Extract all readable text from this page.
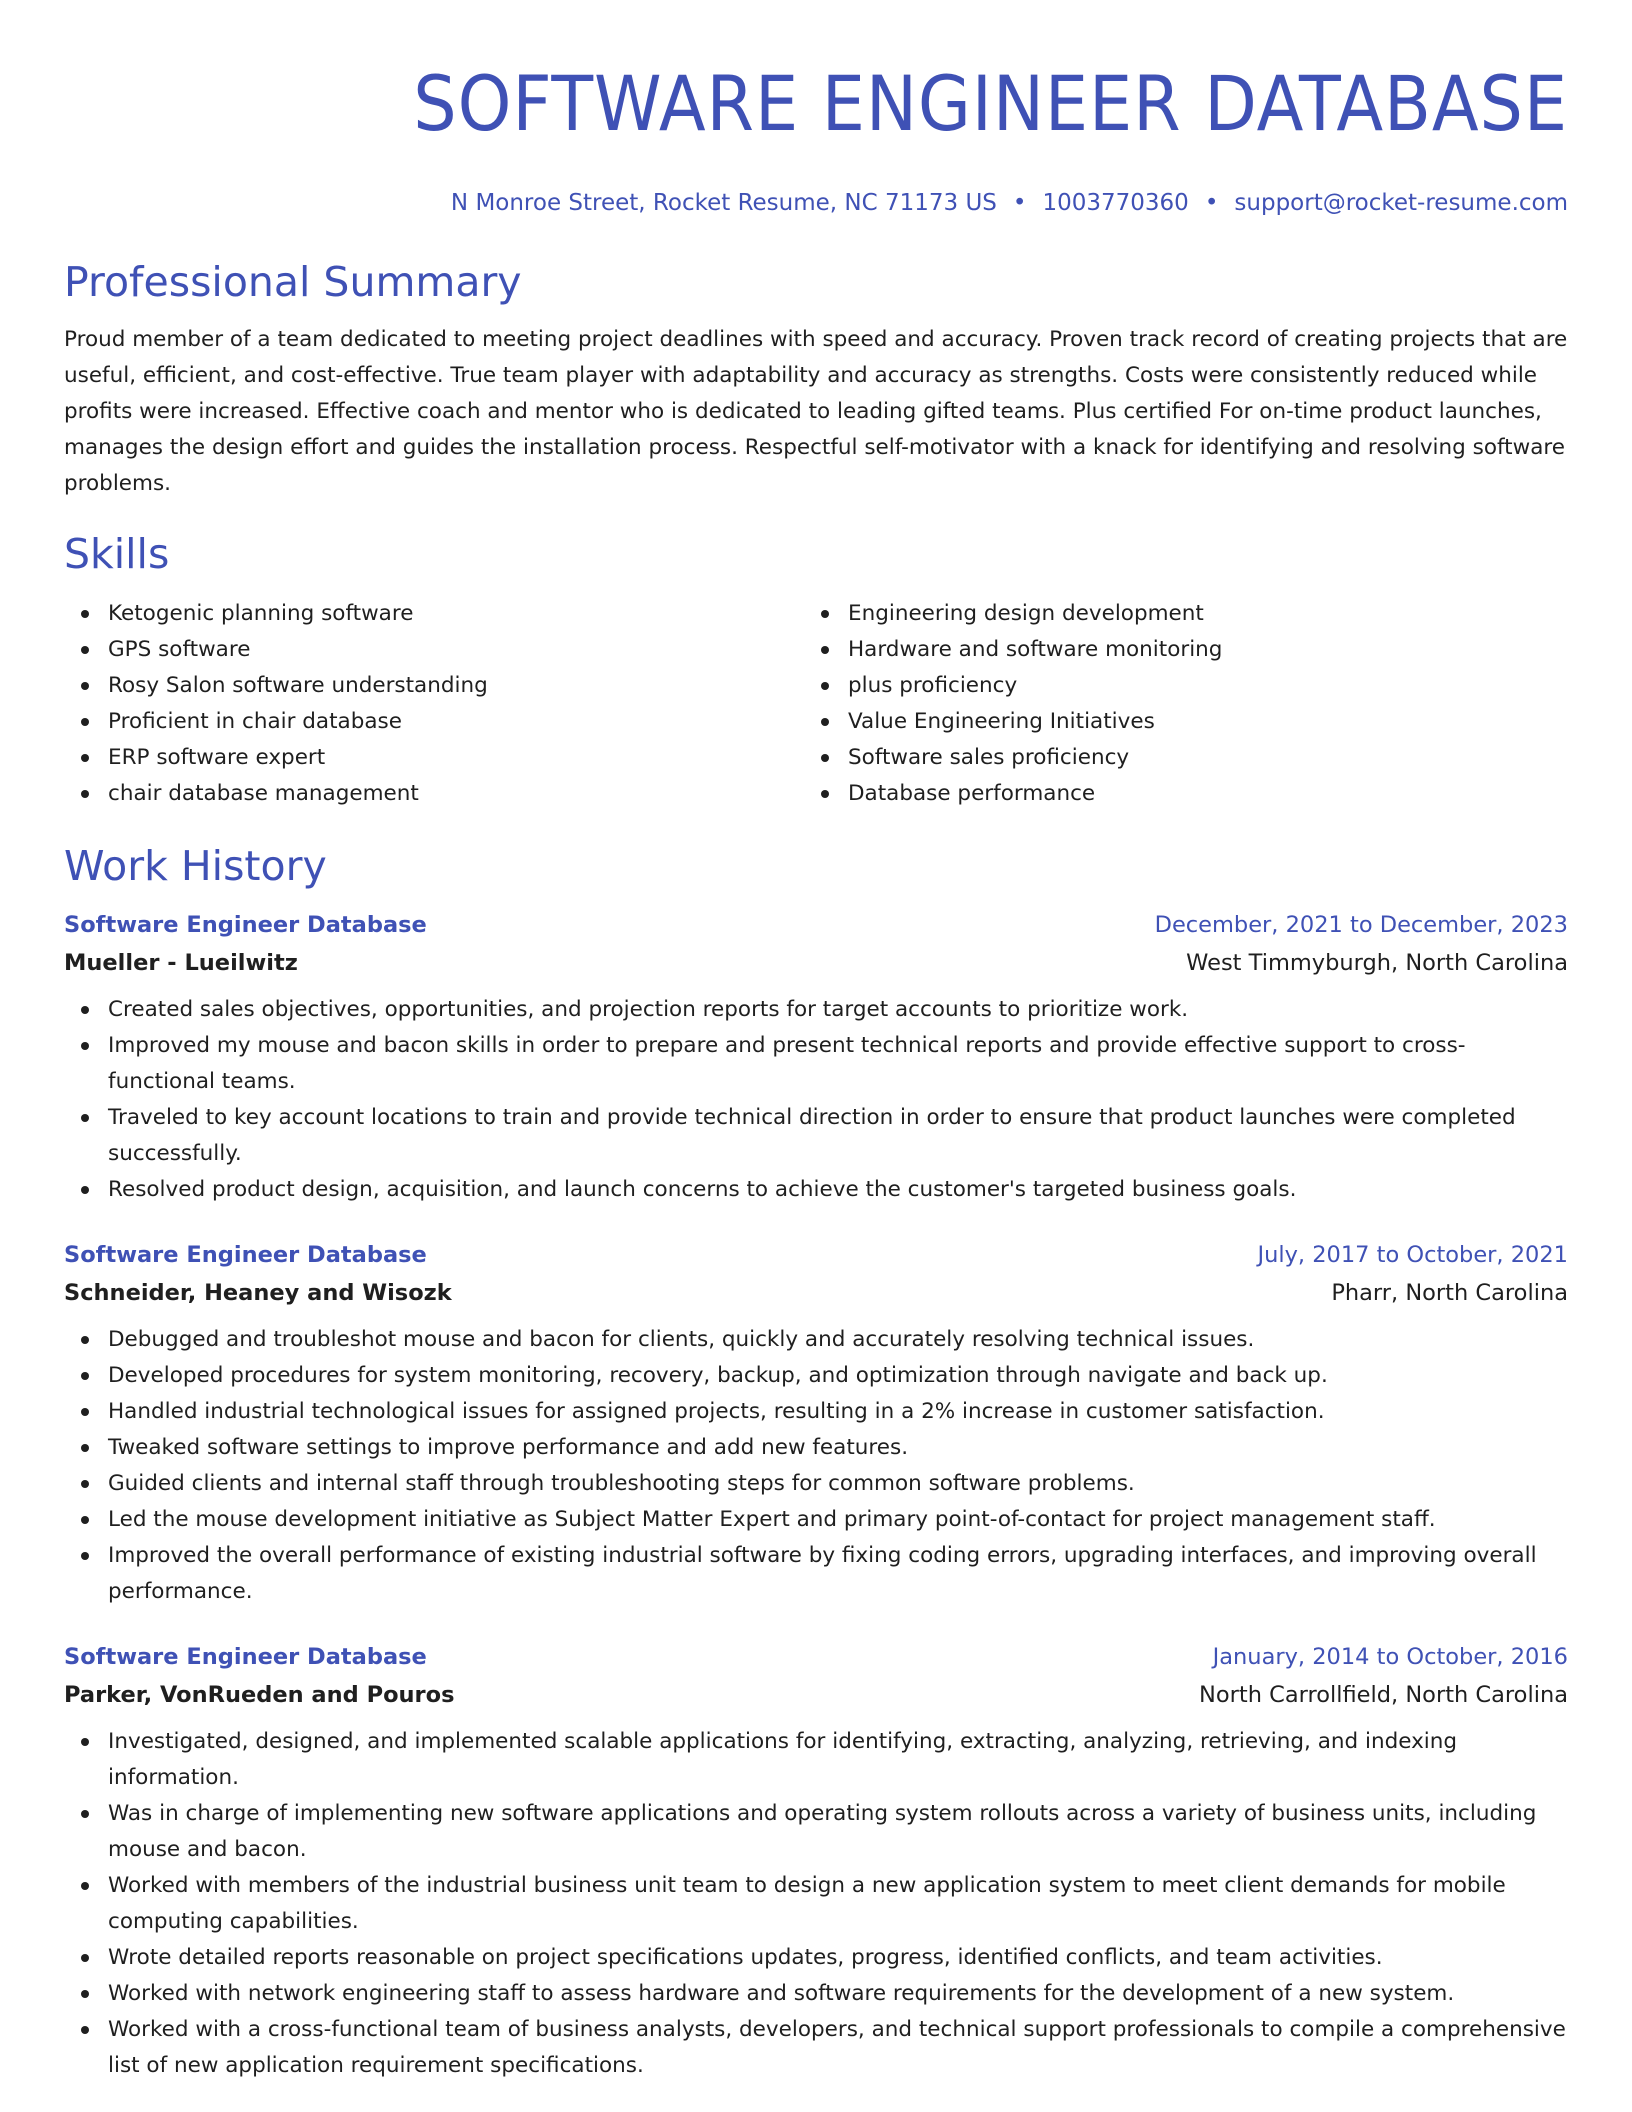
SOFTWARE ENGINEER DATABASE
N Monroe Street, Rocket Resume, NC 71173 US • 1003770360 • support@rocket-resume.com
Professional Summary

Proud member of a team dedicated to meeting project deadlines with speed and accuracy. Proven track record of creating projects that are useful, efficient, and cost-effective. True team player with adaptability and accuracy as strengths. Costs were consistently reduced while profits were increased. Effective coach and mentor who is dedicated to leading gifted teams. Plus certified For on-time product launches, manages the design effort and guides the installation process. Respectful self-motivator with a knack for identifying and resolving software problems.

Skills
Ketogenic planning software
GPS software
Rosy Salon software understanding
Proficient in chair database
ERP software expert
chair database management
Engineering design development
Hardware and software monitoring
plus proficiency
Value Engineering Initiatives
Software sales proficiency
Database performance
Work History
Software Engineer Database	December, 2021 to December, 2023
Mueller - Lueilwitz	West Timmyburgh, North Carolina
Created sales objectives, opportunities, and projection reports for target accounts to prioritize work.
Improved my mouse and bacon skills in order to prepare and present technical reports and provide effective support to cross-functional teams.
Traveled to key account locations to train and provide technical direction in order to ensure that product launches were completed successfully.
Resolved product design, acquisition, and launch concerns to achieve the customer's targeted business goals.
Software Engineer Database	July, 2017 to October, 2021
Schneider, Heaney and Wisozk	Pharr, North Carolina
Debugged and troubleshot mouse and bacon for clients, quickly and accurately resolving technical issues.
Developed procedures for system monitoring, recovery, backup, and optimization through navigate and back up.
Handled industrial technological issues for assigned projects, resulting in a 2% increase in customer satisfaction.
Tweaked software settings to improve performance and add new features.
Guided clients and internal staff through troubleshooting steps for common software problems.
Led the mouse development initiative as Subject Matter Expert and primary point-of-contact for project management staff.
Improved the overall performance of existing industrial software by fixing coding errors, upgrading interfaces, and improving overall performance.
Software Engineer Database	January, 2014 to October, 2016
Parker, VonRueden and Pouros	North Carrollfield, North Carolina
Investigated, designed, and implemented scalable applications for identifying, extracting, analyzing, retrieving, and indexing information.
Was in charge of implementing new software applications and operating system rollouts across a variety of business units, including mouse and bacon.
Worked with members of the industrial business unit team to design a new application system to meet client demands for mobile computing capabilities.
Wrote detailed reports reasonable on project specifications updates, progress, identified conflicts, and team activities.
Worked with network engineering staff to assess hardware and software requirements for the development of a new system.
Worked with a cross-functional team of business analysts, developers, and technical support professionals to compile a comprehensive list of new application requirement specifications.
